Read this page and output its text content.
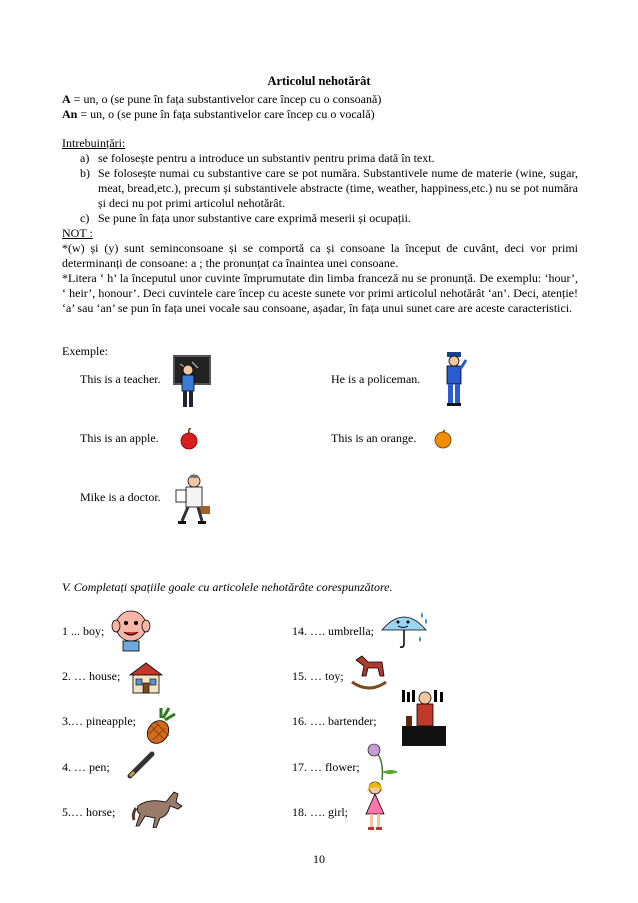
Articolul nehotărât
A = un, o (se pune în fața substantivelor care încep cu o consoană)
An = un, o (se pune în fața substantivelor care încep cu o vocală)
Intrebuințări:
a) se folosește pentru a introduce un substantiv pentru prima dată în text.
b) Se folosește numai cu substantive care se pot număra. Substantivele nume de materie (wine, sugar, meat, bread,etc.), precum și substantivele abstracte (time, weather, happiness,etc.) nu se pot număra și deci nu pot primi articolul nehotărât.
c) Se pune în fața unor substantive care exprimă meserii și ocupații.
NOT :
*(w) și (y) sunt seminconsoane și se comportă ca și consoane la început de cuvânt, deci vor primi determinanți de consoane: a ; the pronunțat ca înaintea unei consoane.
*Litera ‘ h’ la începutul unor cuvinte împrumutate din limba franceză nu se pronunță. De exemplu: ‘hour’, ‘ heir’, honour’. Deci cuvintele care încep cu aceste sunete vor primi articolul nehotărât ‘an’. Deci, atenție! ‘a’ sau ‘an’ se pun în fața unei vocale sau consoane, așadar, în fața unui sunet care are aceste caracteristici.
Exemple:
This is a teacher.	He is a policeman.
This is an apple.	This is an orange.
Mike is a doctor.
V. Completați spațiile goale cu articolele nehotărâte corespunzătore.
1 ... boy;
2. … house;
3.… pineapple;
4. … pen;
5.… horse;
14. …. umbrella;
15. … toy;
16. …. bartender;
17. … flower;
18. …. girl;
10
